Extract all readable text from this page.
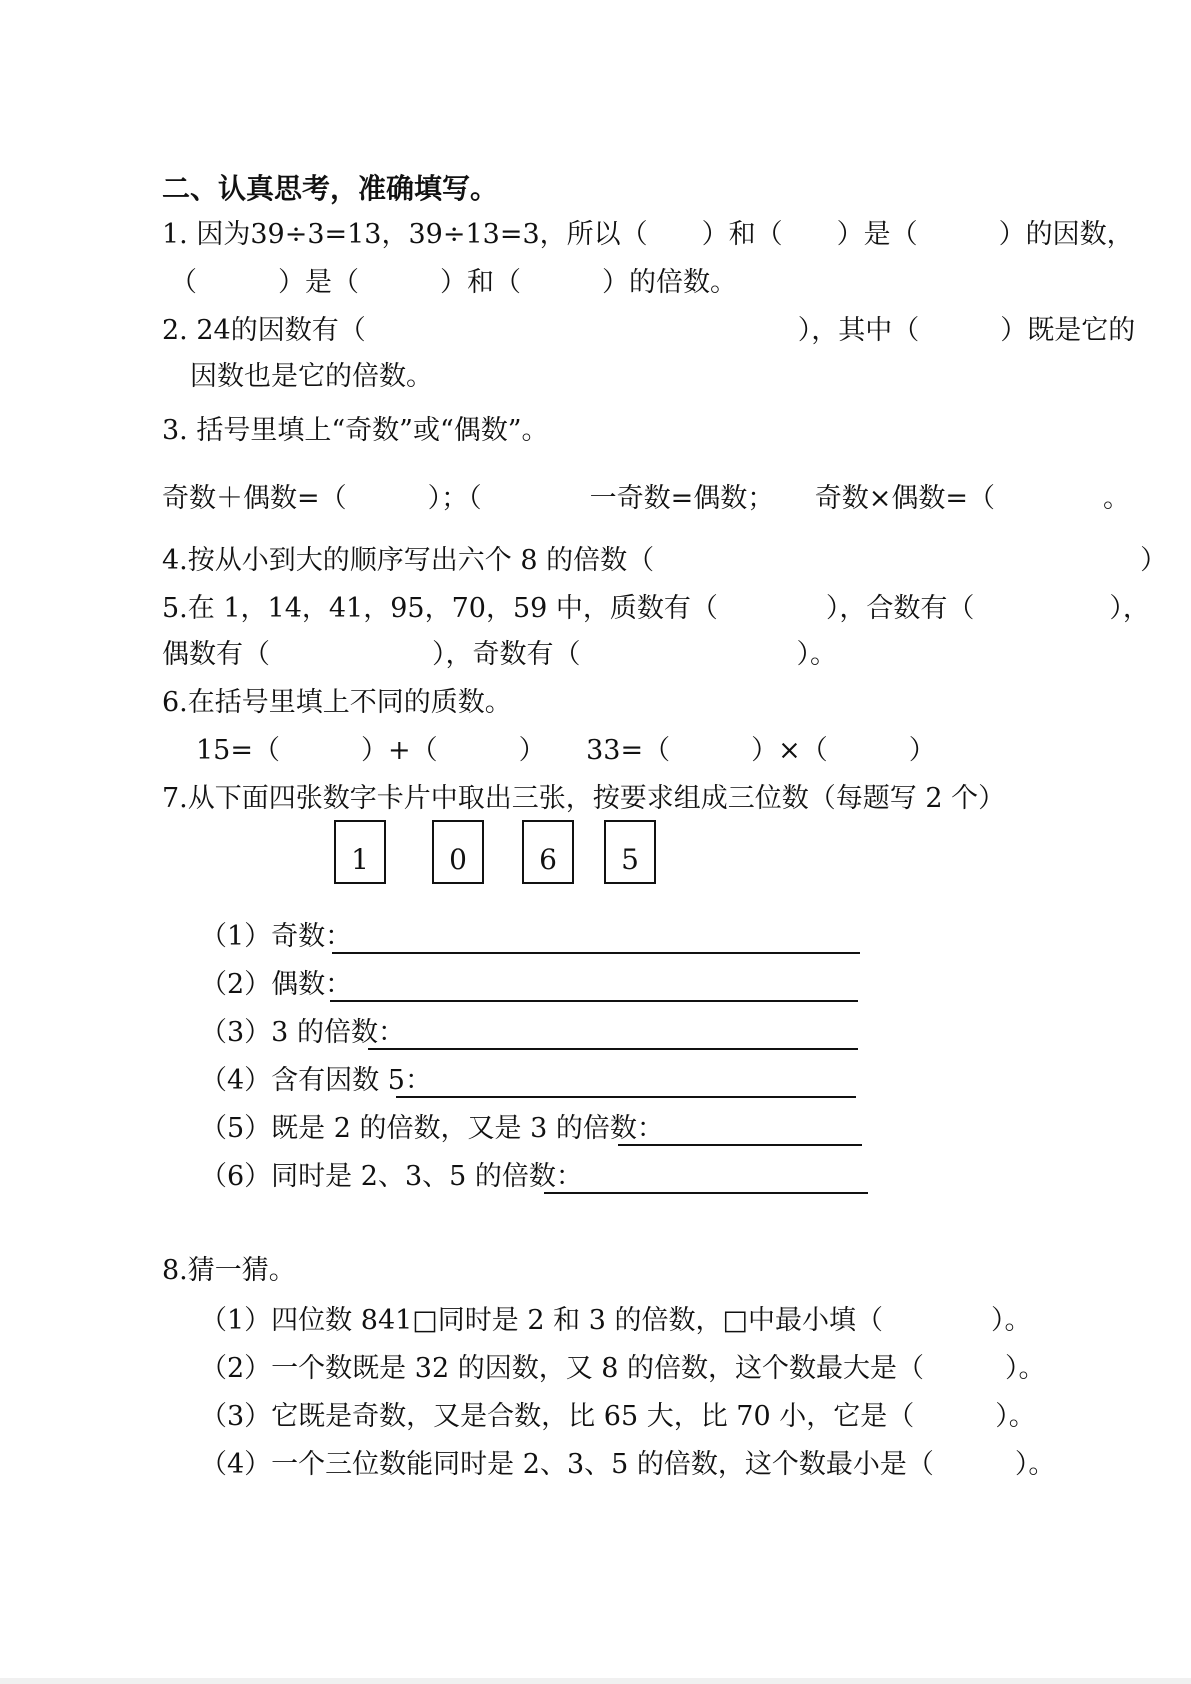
二、认真思考，准确填写。
1. 因为39÷3=13，39÷13=3，所以（　　）和（　　）是（　　　）的因数，
（　　　）是（　　　）和（　　　）的倍数。
2. 24的因数有（　　　　　　　　　　　　　　　　），其中（　　　）既是它的
因数也是它的倍数。
3. 括号里填上“奇数”或“偶数”。
奇数＋偶数=（　　　）；（　　　　一奇数=偶数；　　奇数×偶数=（　　　　。
4.按从小到大的顺序写出六个 8 的倍数（　　　　　　　　　　　　　　　　　　）
5.在 1，14，41，95，70，59 中，质数有（　　　　），合数有（　　　　　），
偶数有（　　　　　　），奇数有（　　　　　　　　）。
6.在括号里填上不同的质数。
15=（　　　）+（　　　）　　33=（　　　）×（　　　）
7.从下面四张数字卡片中取出三张，按要求组成三位数（每题写 2 个）
1	0	6	5
（1）奇数：
（2）偶数：
（3）3 的倍数：
（4）含有因数 5：
（5）既是 2 的倍数，又是 3 的倍数：
（6）同时是 2、3、5 的倍数：
8.猜一猜。
（1）四位数 841□同时是 2 和 3 的倍数，□中最小填（　　　　）。
（2）一个数既是 32 的因数，又 8 的倍数，这个数最大是（　　　）。
（3）它既是奇数，又是合数，比 65 大，比 70 小，它是（　　　）。
（4）一个三位数能同时是 2、3、5 的倍数，这个数最小是（　　　）。
